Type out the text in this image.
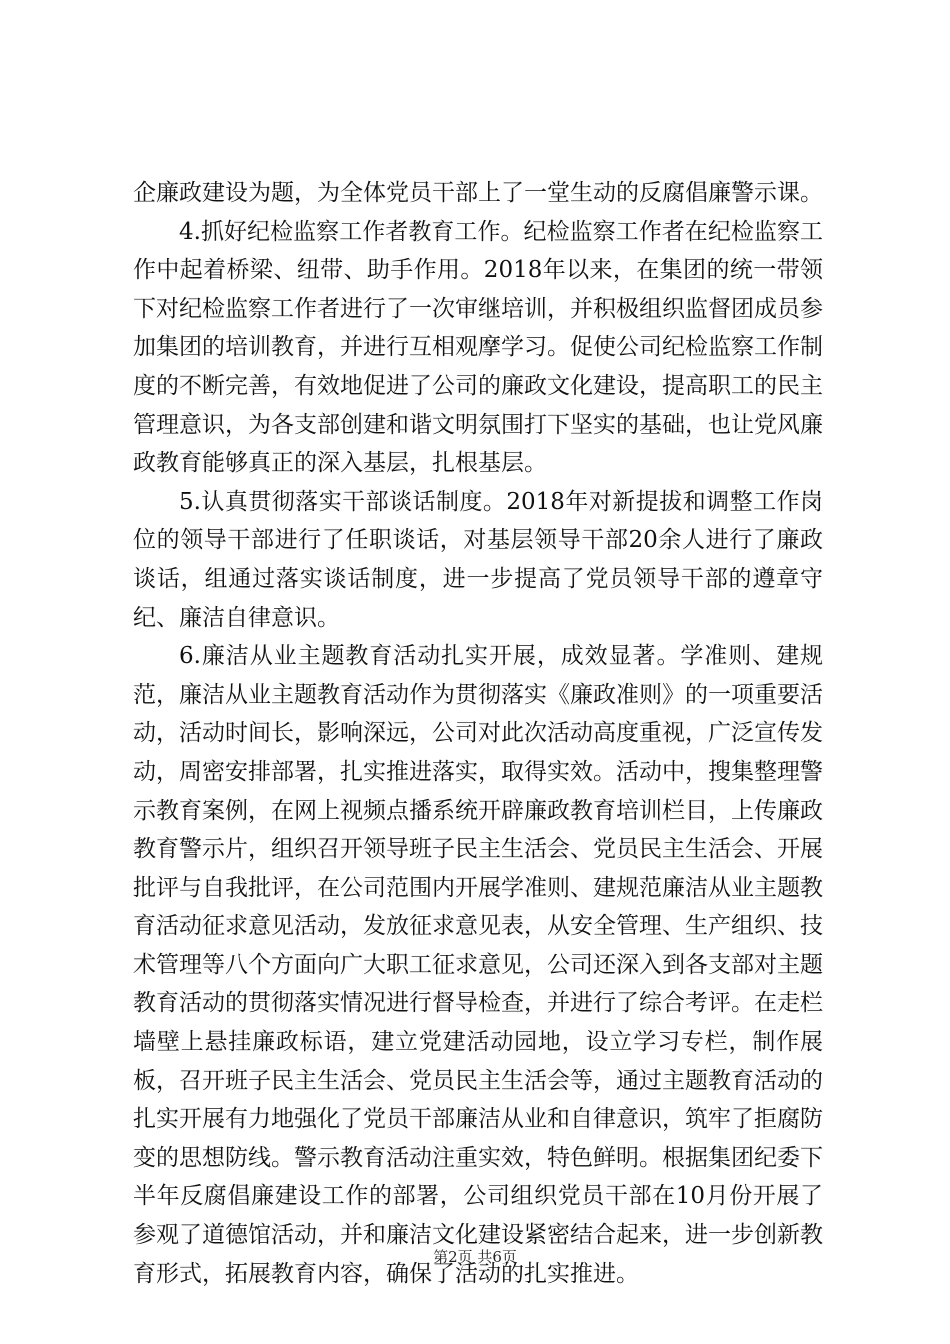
企廉政建设为题，为全体党员干部上了一堂生动的反腐倡廉警示课。

4.抓好纪检监察工作者教育工作。纪检监察工作者在纪检监察工作中起着桥梁、纽带、助手作用。2018年以来，在集团的统一带领下对纪检监察工作者进行了一次审继培训，并积极组织监督团成员参加集团的培训教育，并进行互相观摩学习。促使公司纪检监察工作制度的不断完善，有效地促进了公司的廉政文化建设，提高职工的民主管理意识，为各支部创建和谐文明氛围打下坚实的基础，也让党风廉政教育能够真正的深入基层，扎根基层。

5.认真贯彻落实干部谈话制度。2018年对新提拔和调整工作岗位的领导干部进行了任职谈话，对基层领导干部20余人进行了廉政谈话，组通过落实谈话制度，进一步提高了党员领导干部的遵章守纪、廉洁自律意识。

6.廉洁从业主题教育活动扎实开展，成效显著。学准则、建规范，廉洁从业主题教育活动作为贯彻落实《廉政准则》的一项重要活动，活动时间长，影响深远，公司对此次活动高度重视，广泛宣传发动，周密安排部署，扎实推进落实，取得实效。活动中，搜集整理警示教育案例，在网上视频点播系统开辟廉政教育培训栏目，上传廉政教育警示片，组织召开领导班子民主生活会、党员民主生活会、开展批评与自我批评，在公司范围内开展学准则、建规范廉洁从业主题教育活动征求意见活动，发放征求意见表，从安全管理、生产组织、技术管理等八个方面向广大职工征求意见，公司还深入到各支部对主题教育活动的贯彻落实情况进行督导检查，并进行了综合考评。在走栏墙壁上悬挂廉政标语，建立党建活动园地，设立学习专栏，制作展板，召开班子民主生活会、党员民主生活会等，通过主题教育活动的扎实开展有力地强化了党员干部廉洁从业和自律意识，筑牢了拒腐防变的思想防线。警示教育活动注重实效，特色鲜明。根据集团纪委下半年反腐倡廉建设工作的部署，公司组织党员干部在10月份开展了参观了道德馆活动，并和廉洁文化建设紧密结合起来，进一步创新教育形式，拓展教育内容，确保了活动的扎实推进。

第2页 共6页
